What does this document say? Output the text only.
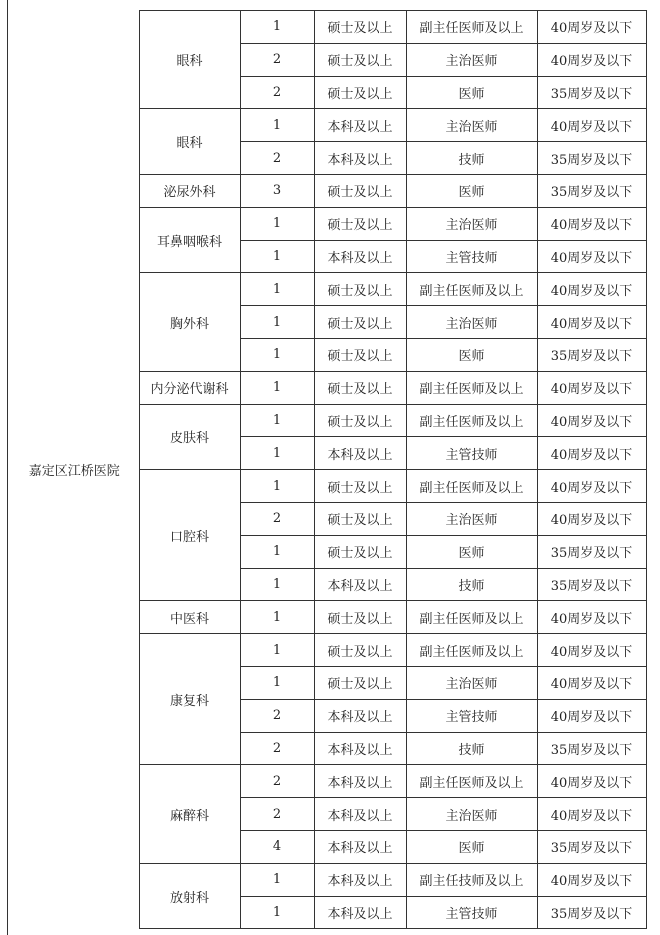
嘉定区江桥医院	眼科	1	硕士及以上	副主任医师及以上	40周岁及以下
		2	硕士及以上	主治医师	40周岁及以下
		2	硕士及以上	医师	35周岁及以下
	眼科	1	本科及以上	主治医师	40周岁及以下
		2	本科及以上	技师	35周岁及以下
	泌尿外科	3	硕士及以上	医师	35周岁及以下
	耳鼻咽喉科	1	硕士及以上	主治医师	40周岁及以下
		1	本科及以上	主管技师	40周岁及以下
	胸外科	1	硕士及以上	副主任医师及以上	40周岁及以下
		1	硕士及以上	主治医师	40周岁及以下
		1	硕士及以上	医师	35周岁及以下
	内分泌代谢科	1	硕士及以上	副主任医师及以上	40周岁及以下
	皮肤科	1	硕士及以上	副主任医师及以上	40周岁及以下
		1	本科及以上	主管技师	40周岁及以下
	口腔科	1	硕士及以上	副主任医师及以上	40周岁及以下
		2	硕士及以上	主治医师	40周岁及以下
		1	硕士及以上	医师	35周岁及以下
		1	本科及以上	技师	35周岁及以下
	中医科	1	硕士及以上	副主任医师及以上	40周岁及以下
	康复科	1	硕士及以上	副主任医师及以上	40周岁及以下
		1	硕士及以上	主治医师	40周岁及以下
		2	本科及以上	主管技师	40周岁及以下
		2	本科及以上	技师	35周岁及以下
	麻醉科	2	本科及以上	副主任医师及以上	40周岁及以下
		2	本科及以上	主治医师	40周岁及以下
		4	本科及以上	医师	35周岁及以下
	放射科	1	本科及以上	副主任技师及以上	40周岁及以下
		1	本科及以上	主管技师	35周岁及以下
